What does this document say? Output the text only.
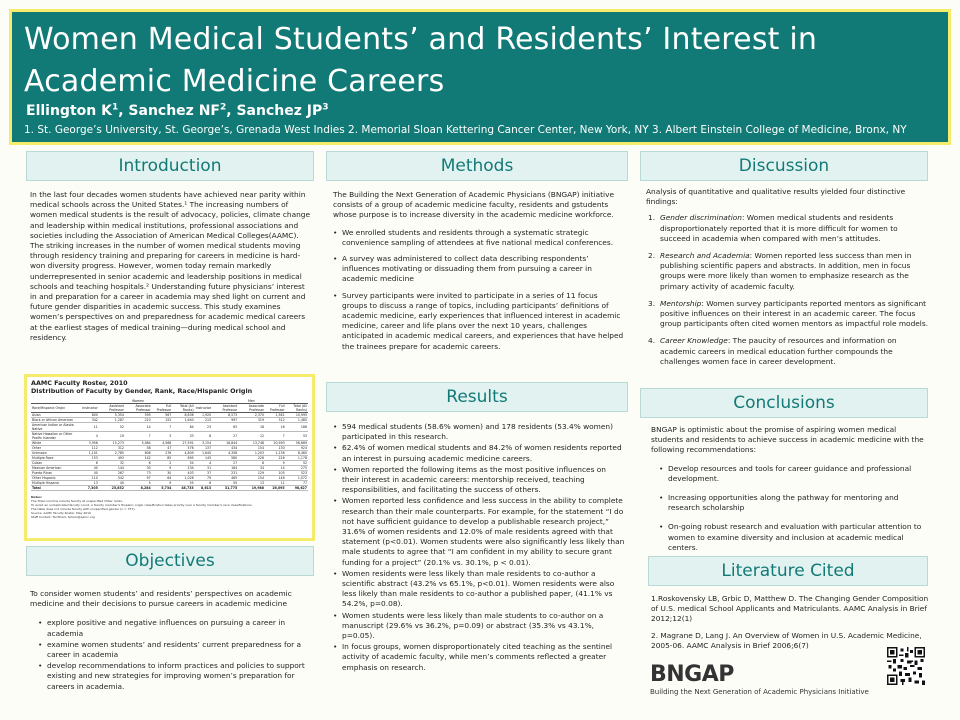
Women Medical Students’ and Residents’ Interest in Academic Medicine Careers
Ellington $K^1$, Sanchez $NF^2$, Sanchez $JP^3$
1. St. George’s University, St. George’s, Grenada West Indies 2. Memorial Sloan Kettering Cancer Center, New York, NY 3. Albert Einstein College of Medicine, Bronx, NY
Introduction

In the last four decades women students have achieved near parity within medical schools across the United States.¹ The increasing numbers of women medical students is the result of advocacy, policies, climate change and leadership within medical institutions, professional associations and societies including the Association of American Medical Colleges(AAMC). The striking increases in the number of women medical students moving through residency training and preparing for careers in medicine is hard-won diversity progress. However, women today remain markedly underrepresented in senior academic and leadership positions in medical schools and teaching hospitals.² Understanding future physicians’ interest in and preparation for a career in academia may shed light on current and future gender disparities in academic success. This study examines women’s perspectives on and preparedness for academic medical careers at the earliest stages of medical training—during medical school and residency.

AAMC Faculty Roster, 2010
Distribution of Faculty by Gender, Rank, Race/Hispanic Origin
	Women					Men				
Race/Hispanic Origin	Instructor	Assistant Professor	Associate Professor	Full Professor	Total (All Ranks)	Instructor	Assistant Professor	Associate Professor	Full Professor	Total (All Ranks)
Asian	800	5,354	595	567	8,636	1,920	8,573	2,370	1,561	10,995
Black or African American	342	1,287	210	152	1,640	215	997	319	312	1,480
American Indian or Alaska Native	11	52	14	7	84	23	63	18	16	186
Native Hawaiian or Other Pacific Islander	4	19	7	3	33	8	27	12	7	53
White	3,958	15,273	5,984	4,568	27,591	3,154	16,844	13,748	20,993	56,669
Other	112	312	58	47	576	137	434	154	130	924
Unknown	1,101	2,785	606	276	4,809	1,640	4,358	1,203	1,136	8,460
Multiple Race	153	493	142	85	895	145	580	226	226	1,178
Cuban	6	32	6	2	54	4	27	8	9	52
Mexican American	40	144	30	9	234	31	164	34	14	275
Puerto Rican	40	267	73	30	403	37	231	129	105	523
Other Hispanic	110	542	97	64	1,026	79	465	154	146	1,072
Multiple Hispanic	13	40	5	9	55	6	55	13	11	77
Total	7,305	25,852	8,284	5,734	48,733	8,613	31,775	19,988	26,095	98,627
Notes:
The Total columns include faculty at unspecified Other ranks.
To avoid an unduplicated faculty count, a faculty member's Hispanic origin classification takes priority over a faculty member's race classifications.
The table does not include faculty with unspecified gender (n = 377).
Source: AAMC Faculty Roster, May 2010
Staff Contact: Tai Pham, tpham@aamc.org
Objectives

To consider women students’ and residents’ perspectives on academic medicine and their decisions to pursue careers in academic medicine

• explore positive and negative influences on pursuing a career in academia
• examine women students’ and residents’ current preparedness for a career in academia
• develop recommendations to inform practices and policies to support existing and new strategies for improving women’s preparation for careers in academia.
Methods

The Building the Next Generation of Academic Physicians (BNGAP) initiative consists of a group of academic medicine faculty, residents and gstudents whose purpose is to increase diversity in the academic medicine workforce.

• We enrolled students and residents through a systematic strategic convenience sampling of attendees at five national medical conferences.
• A survey was administered to collect data describing respondents’ influences motivating or dissuading them from pursuing a career in academic medicine
• Survey participants were invited to participate in a series of 11 focus groups to discuss a range of topics, including participants’ definitions of academic medicine, early experiences that influenced interest in academic medicine, career and life plans over the next 10 years, challenges anticipated in academic medical careers, and experiences that have helped the trainees prepare for academic careers.
Results
• 594 medical students (58.6% women) and 178 residents (53.4% women) participated in this research.
• 62.4% of women medical students and 84.2% of women residents reported an interest in pursuing academic medicine careers.
• Women reported the following items as the most positive influences on their interest in academic careers: mentorship received, teaching responsibilities, and facilitating the success of others.
• Women reported less confidence and less success in the ability to complete research than their male counterparts. For example, for the statement “I do not have sufficient guidance to develop a publishable research project,” 31.6% of women residents and 12.0% of male residents agreed with that statement (p<0.01). Women students were also significantly less likely than male students to agree that “I am confident in my ability to secure grant funding for a project” (20.1% vs. 30.1%, p < 0.01).
• Women residents were less likely than male residents to co-author a scientific abstract (43.2% vs 65.1%, p<0.01). Women residents were also less likely than male residents to co-author a published paper, (41.1% vs 54.2%, p=0.08).
• Women students were less likely than male students to co-author on a manuscript (29.6% vs 36.2%, p=0.09) or abstract (35.3% vs 43.1%, p=0.05).
• In focus groups, women disproportionately cited teaching as the sentinel activity of academic faculty, while men’s comments reflected a greater emphasis on research.
Discussion

Analysis of quantitative and qualitative results yielded four distinctive findings:

1. Gender discrimination: Women medical students and residents disproportionately reported that it is more difficult for women to succeed in academia when compared with men’s attitudes.
2. Research and Academia: Women reported less success than men in publishing scientific papers and abstracts. In addition, men in focus groups were more likely than women to emphasize research as the primary activity of academic faculty.
3. Mentorship: Women survey participants reported mentors as significant positive influences on their interest in an academic career. The focus group participants often cited women mentors as impactful role models.
4. Career Knowledge: The paucity of resources and information on academic careers in medical education further compounds the challenges women face in career development.
Conclusions

BNGAP is optimistic about the promise of aspiring women medical students and residents to achieve success in academic medicine with the following recommendations:

• Develop resources and tools for career guidance and professional development.
• Increasing opportunities along the pathway for mentoring and research scholarship
• On-going robust research and evaluation with particular attention to women to examine diversity and inclusion at academic medical centers.
Literature Cited

1.Roskovensky LB, Grbic D, Matthew D. The Changing Gender Composition of U.S. medical School Applicants and Matriculants. AAMC Analysis in Brief 2012;12(1)

2. Magrane D, Lang J. An Overview of Women in U.S. Academic Medicine, 2005-06. AAMC Analysis in Brief 2006;6(7)

BNGAP
Building the Next Generation of Academic Physicians Initiative
